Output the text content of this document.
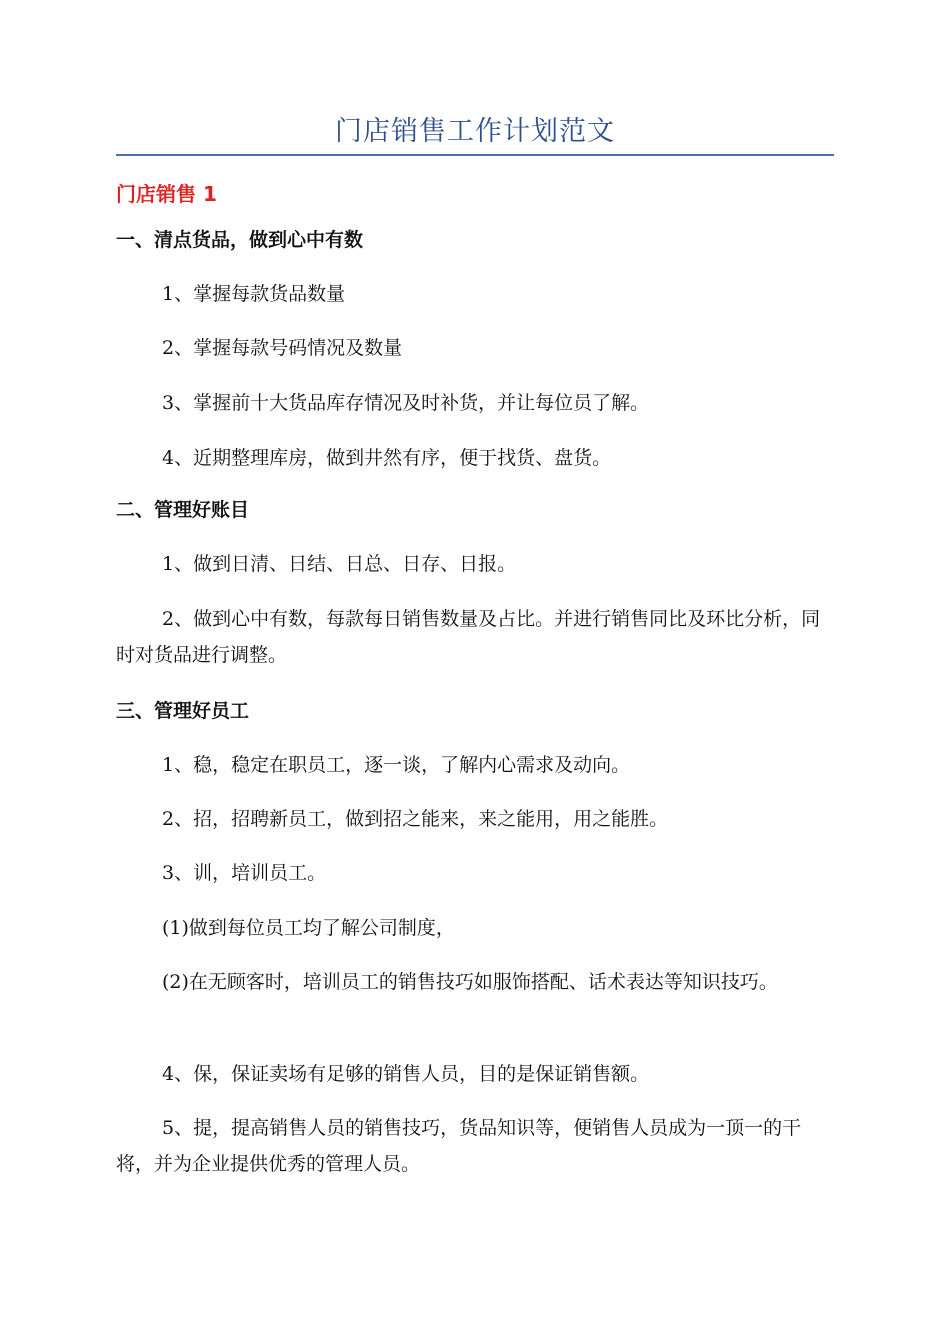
门店销售工作计划范文
门店销售 1
一、清点货品，做到心中有数
1、掌握每款货品数量
2、掌握每款号码情况及数量
3、掌握前十大货品库存情况及时补货，并让每位员了解。
4、近期整理库房，做到井然有序，便于找货、盘货。
二、管理好账目
1、做到日清、日结、日总、日存、日报。
2、做到心中有数，每款每日销售数量及占比。并进行销售同比及环比分析，同时对货品进行调整。
三、管理好员工
1、稳，稳定在职员工，逐一谈，了解内心需求及动向。
2、招，招聘新员工，做到招之能来，来之能用，用之能胜。
3、训，培训员工。
(1)做到每位员工均了解公司制度，
(2)在无顾客时，培训员工的销售技巧如服饰搭配、话术表达等知识技巧。
4、保，保证卖场有足够的销售人员，目的是保证销售额。
5、提，提高销售人员的销售技巧，货品知识等，便销售人员成为一顶一的干将，并为企业提供优秀的管理人员。
